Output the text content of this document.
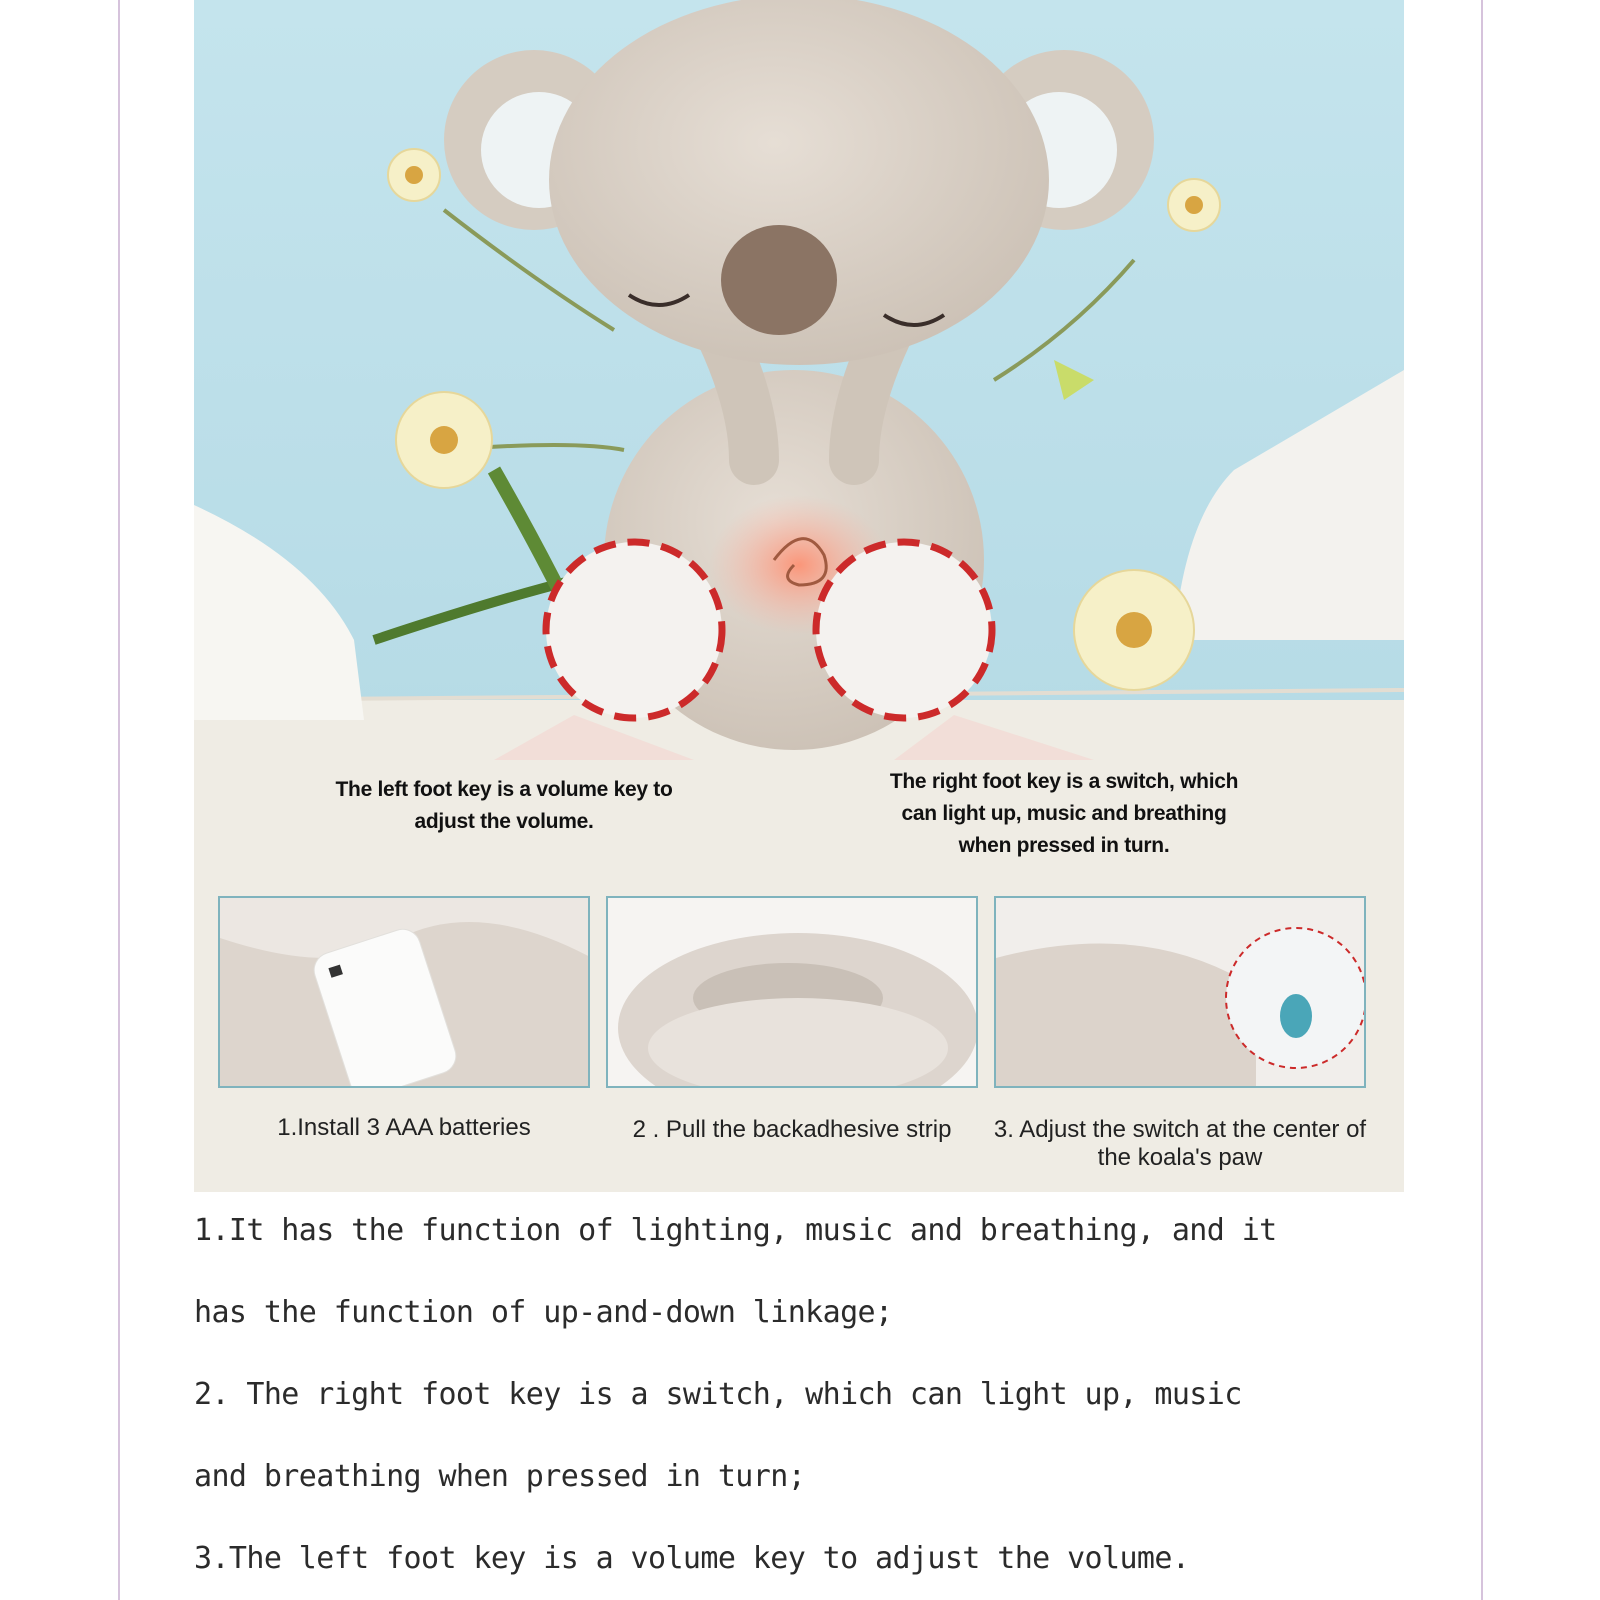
The left foot key is a volume key to adjust the volume.
The right foot key is a switch, which can light up, music and breathing when pressed in turn.
1.Install 3 AAA batteries	2 . Pull the backadhesive strip	3. Adjust the switch at the center of the koala's paw

1.It has the function of lighting, music and breathing, and it

has the function of up-and-down linkage;

2. The right foot key is a switch, which can light up, music

and breathing when pressed in turn;

3.The left foot key is a volume key to adjust the volume.
